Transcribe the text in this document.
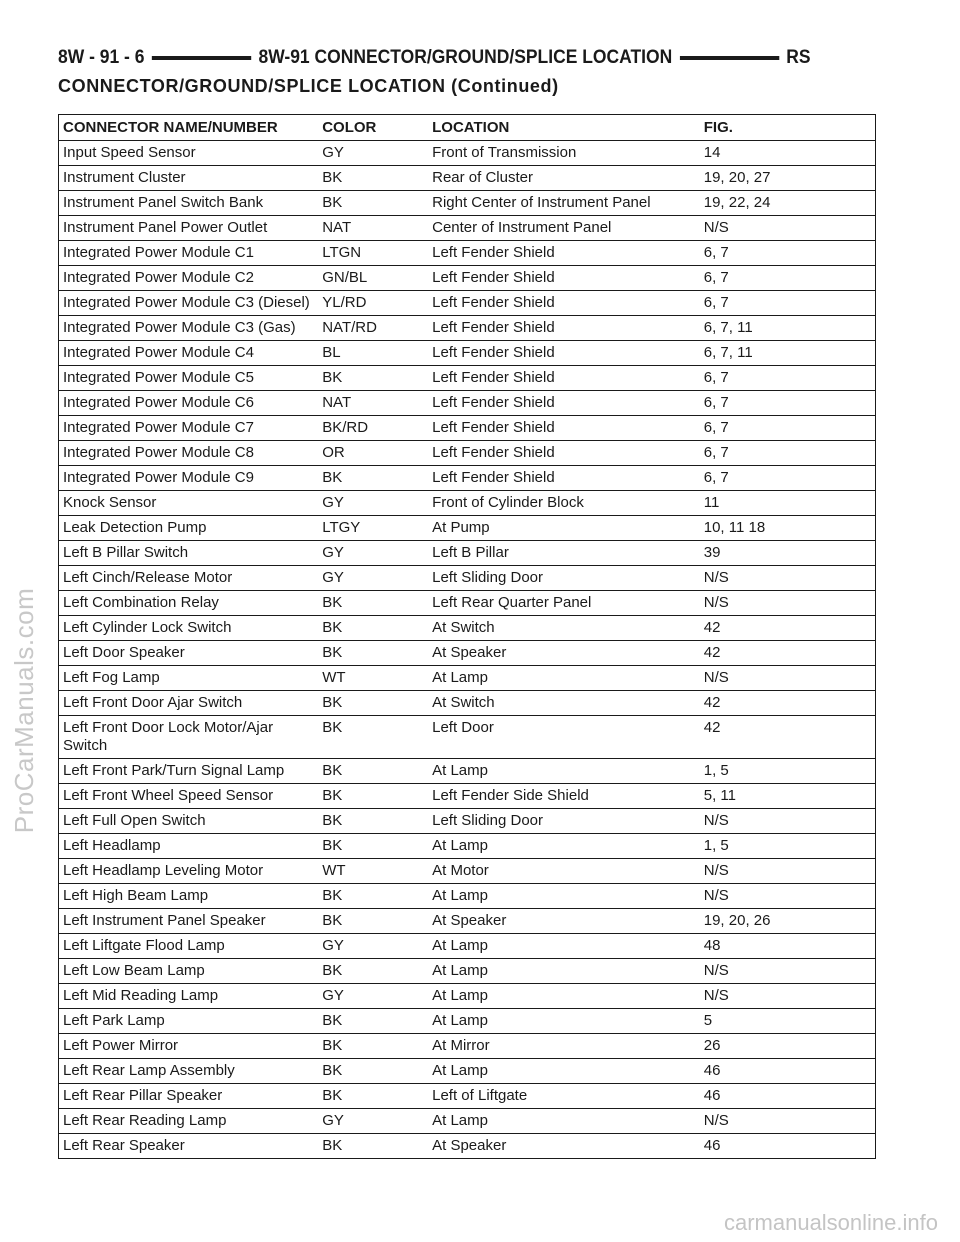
8W - 91 - 6	8W-91 CONNECTOR/GROUND/SPLICE LOCATION	RS
CONNECTOR/GROUND/SPLICE LOCATION (Continued)
CONNECTOR NAME/NUMBER	COLOR	LOCATION	FIG.
Input Speed Sensor	GY	Front of Transmission	14
Instrument Cluster	BK	Rear of Cluster	19, 20, 27
Instrument Panel Switch Bank	BK	Right Center of Instrument Panel	19, 22, 24
Instrument Panel Power Outlet	NAT	Center of Instrument Panel	N/S
Integrated Power Module C1	LTGN	Left Fender Shield	6, 7
Integrated Power Module C2	GN/BL	Left Fender Shield	6, 7
Integrated Power Module C3 (Diesel)	YL/RD	Left Fender Shield	6, 7
Integrated Power Module C3 (Gas)	NAT/RD	Left Fender Shield	6, 7, 11
Integrated Power Module C4	BL	Left Fender Shield	6, 7, 11
Integrated Power Module C5	BK	Left Fender Shield	6, 7
Integrated Power Module C6	NAT	Left Fender Shield	6, 7
Integrated Power Module C7	BK/RD	Left Fender Shield	6, 7
Integrated Power Module C8	OR	Left Fender Shield	6, 7
Integrated Power Module C9	BK	Left Fender Shield	6, 7
Knock Sensor	GY	Front of Cylinder Block	11
Leak Detection Pump	LTGY	At Pump	10, 11 18
Left B Pillar Switch	GY	Left B Pillar	39
Left Cinch/Release Motor	GY	Left Sliding Door	N/S
Left Combination Relay	BK	Left Rear Quarter Panel	N/S
Left Cylinder Lock Switch	BK	At Switch	42
Left Door Speaker	BK	At Speaker	42
Left Fog Lamp	WT	At Lamp	N/S
Left Front Door Ajar Switch	BK	At Switch	42
Left Front Door Lock Motor/Ajar Switch	BK	Left Door	42
Left Front Park/Turn Signal Lamp	BK	At Lamp	1, 5
Left Front Wheel Speed Sensor	BK	Left Fender Side Shield	5, 11
Left Full Open Switch	BK	Left Sliding Door	N/S
Left Headlamp	BK	At Lamp	1, 5
Left Headlamp Leveling Motor	WT	At Motor	N/S
Left High Beam Lamp	BK	At Lamp	N/S
Left Instrument Panel Speaker	BK	At Speaker	19, 20, 26
Left Liftgate Flood Lamp	GY	At Lamp	48
Left Low Beam Lamp	BK	At Lamp	N/S
Left Mid Reading Lamp	GY	At Lamp	N/S
Left Park Lamp	BK	At Lamp	5
Left Power Mirror	BK	At Mirror	26
Left Rear Lamp Assembly	BK	At Lamp	46
Left Rear Pillar Speaker	BK	Left of Liftgate	46
Left Rear Reading Lamp	GY	At Lamp	N/S
Left Rear Speaker	BK	At Speaker	46
ProCarManuals.com
carmanualsonline.info
